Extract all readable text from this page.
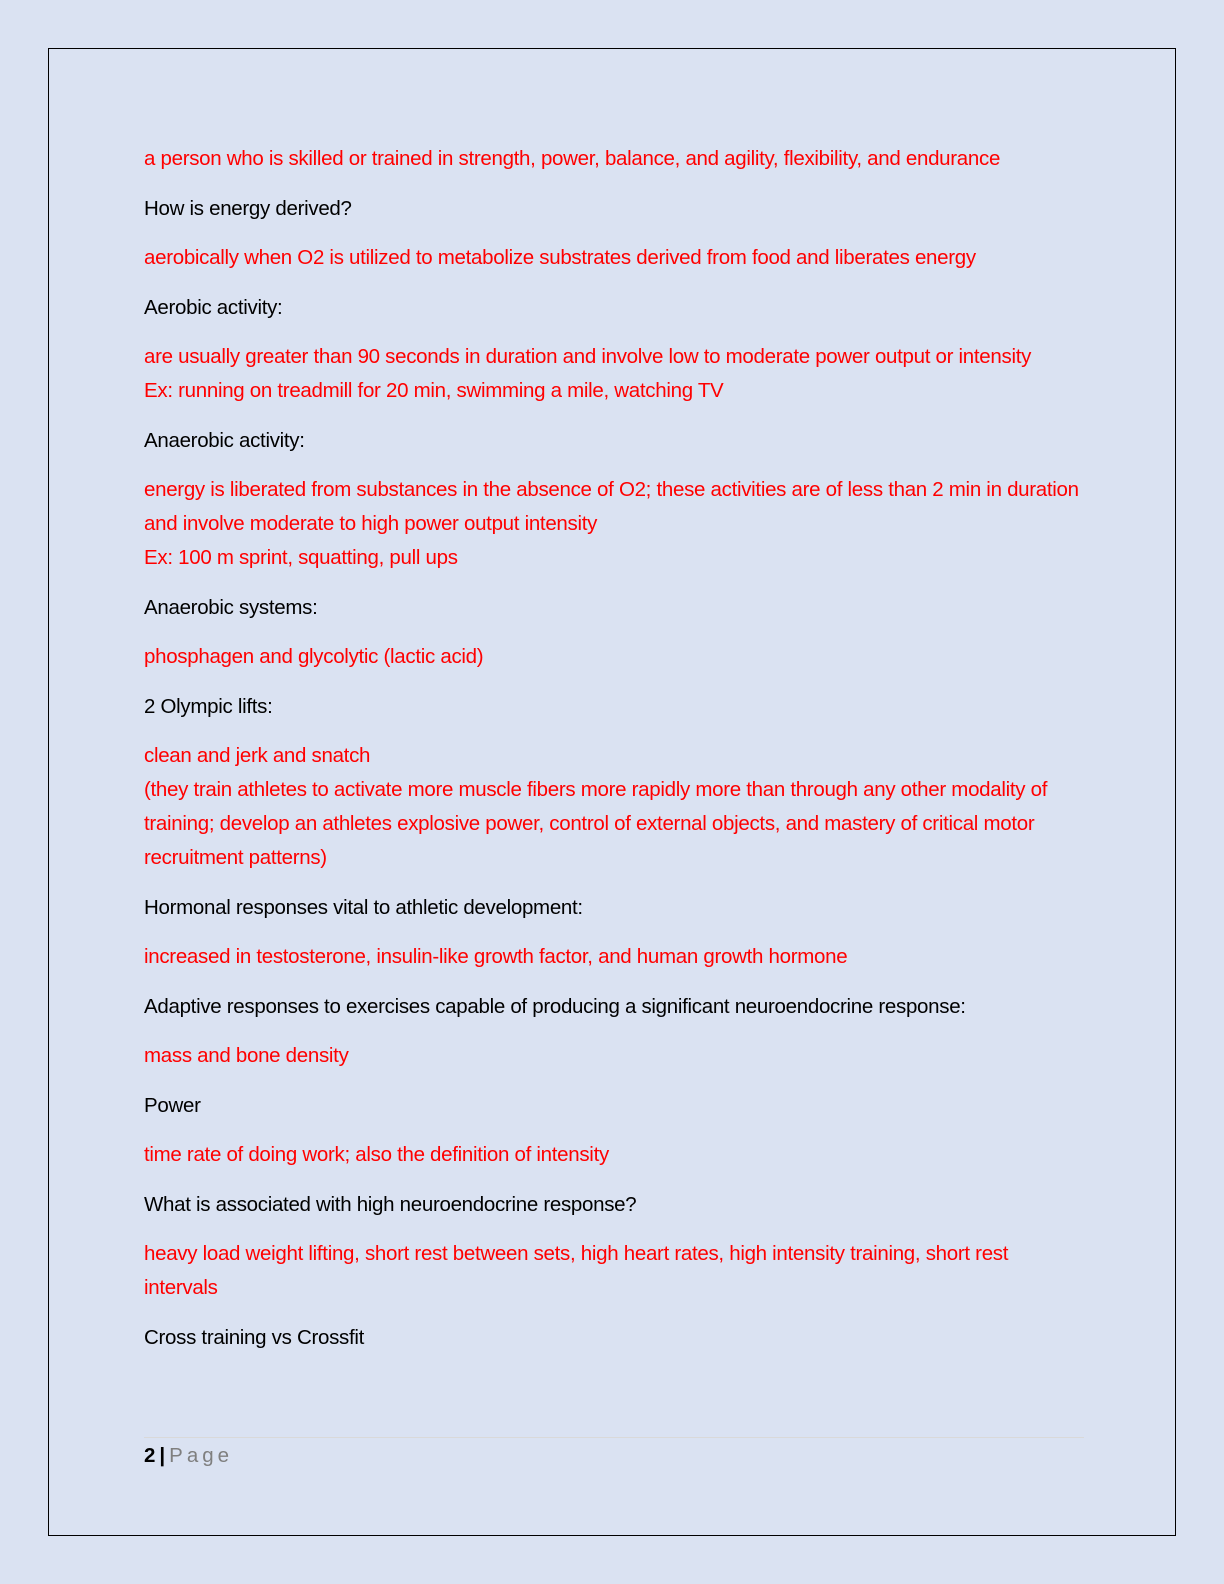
a person who is skilled or trained in strength, power, balance, and agility, flexibility, and endurance
How is energy derived?
aerobically when O2 is utilized to metabolize substrates derived from food and liberates energy
Aerobic activity:
are usually greater than 90 seconds in duration and involve low to moderate power output or intensity
Ex: running on treadmill for 20 min, swimming a mile, watching TV
Anaerobic activity:
energy is liberated from substances in the absence of O2; these activities are of less than 2 min in duration and involve moderate to high power output intensity
Ex: 100 m sprint, squatting, pull ups
Anaerobic systems:
phosphagen and glycolytic (lactic acid)
2 Olympic lifts:
clean and jerk and snatch
(they train athletes to activate more muscle fibers more rapidly more than through any other modality of training; develop an athletes explosive power, control of external objects, and mastery of critical motor recruitment patterns)
Hormonal responses vital to athletic development:
increased in testosterone, insulin-like growth factor, and human growth hormone
Adaptive responses to exercises capable of producing a significant neuroendocrine response:
mass and bone density
Power
time rate of doing work; also the definition of intensity
What is associated with high neuroendocrine response?
heavy load weight lifting, short rest between sets, high heart rates, high intensity training, short rest intervals
Cross training vs Crossfit
2 | Page
